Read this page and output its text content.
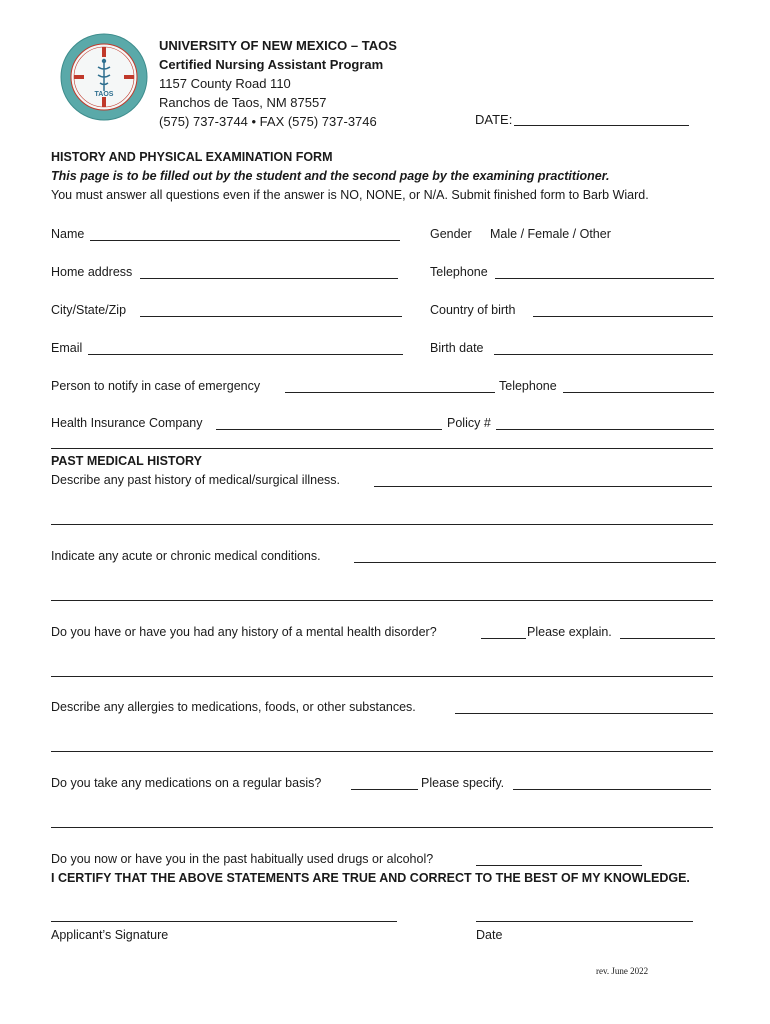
TAOS
UNIVERSITY OF NEW MEXICO – TAOS
Certified Nursing Assistant Program
1157 County Road 110
Ranchos de Taos, NM 87557
(575) 737-3744 • FAX (575) 737-3746	DATE:
HISTORY AND PHYSICAL EXAMINATION FORM
This page is to be filled out by the student and the second page by the examining practitioner.
You must answer all questions even if the answer is NO, NONE, or N/A. Submit finished form to Barb Wiard.
Name	Gender Male / Female / Other
Home address	Telephone
City/State/Zip	Country of birth
Email	Birth date
Person to notify in case of emergency	Telephone
Health Insurance Company	Policy #
PAST MEDICAL HISTORY
Describe any past history of medical/surgical illness.
Indicate any acute or chronic medical conditions.
Do you have or have you had any history of a mental health disorder?	Please explain.
Describe any allergies to medications, foods, or other substances.
Do you take any medications on a regular basis?	Please specify.
Do you now or have you in the past habitually used drugs or alcohol?
I CERTIFY THAT THE ABOVE STATEMENTS ARE TRUE AND CORRECT TO THE BEST OF MY KNOWLEDGE.
Applicant’s Signature	Date
rev. June 2022
